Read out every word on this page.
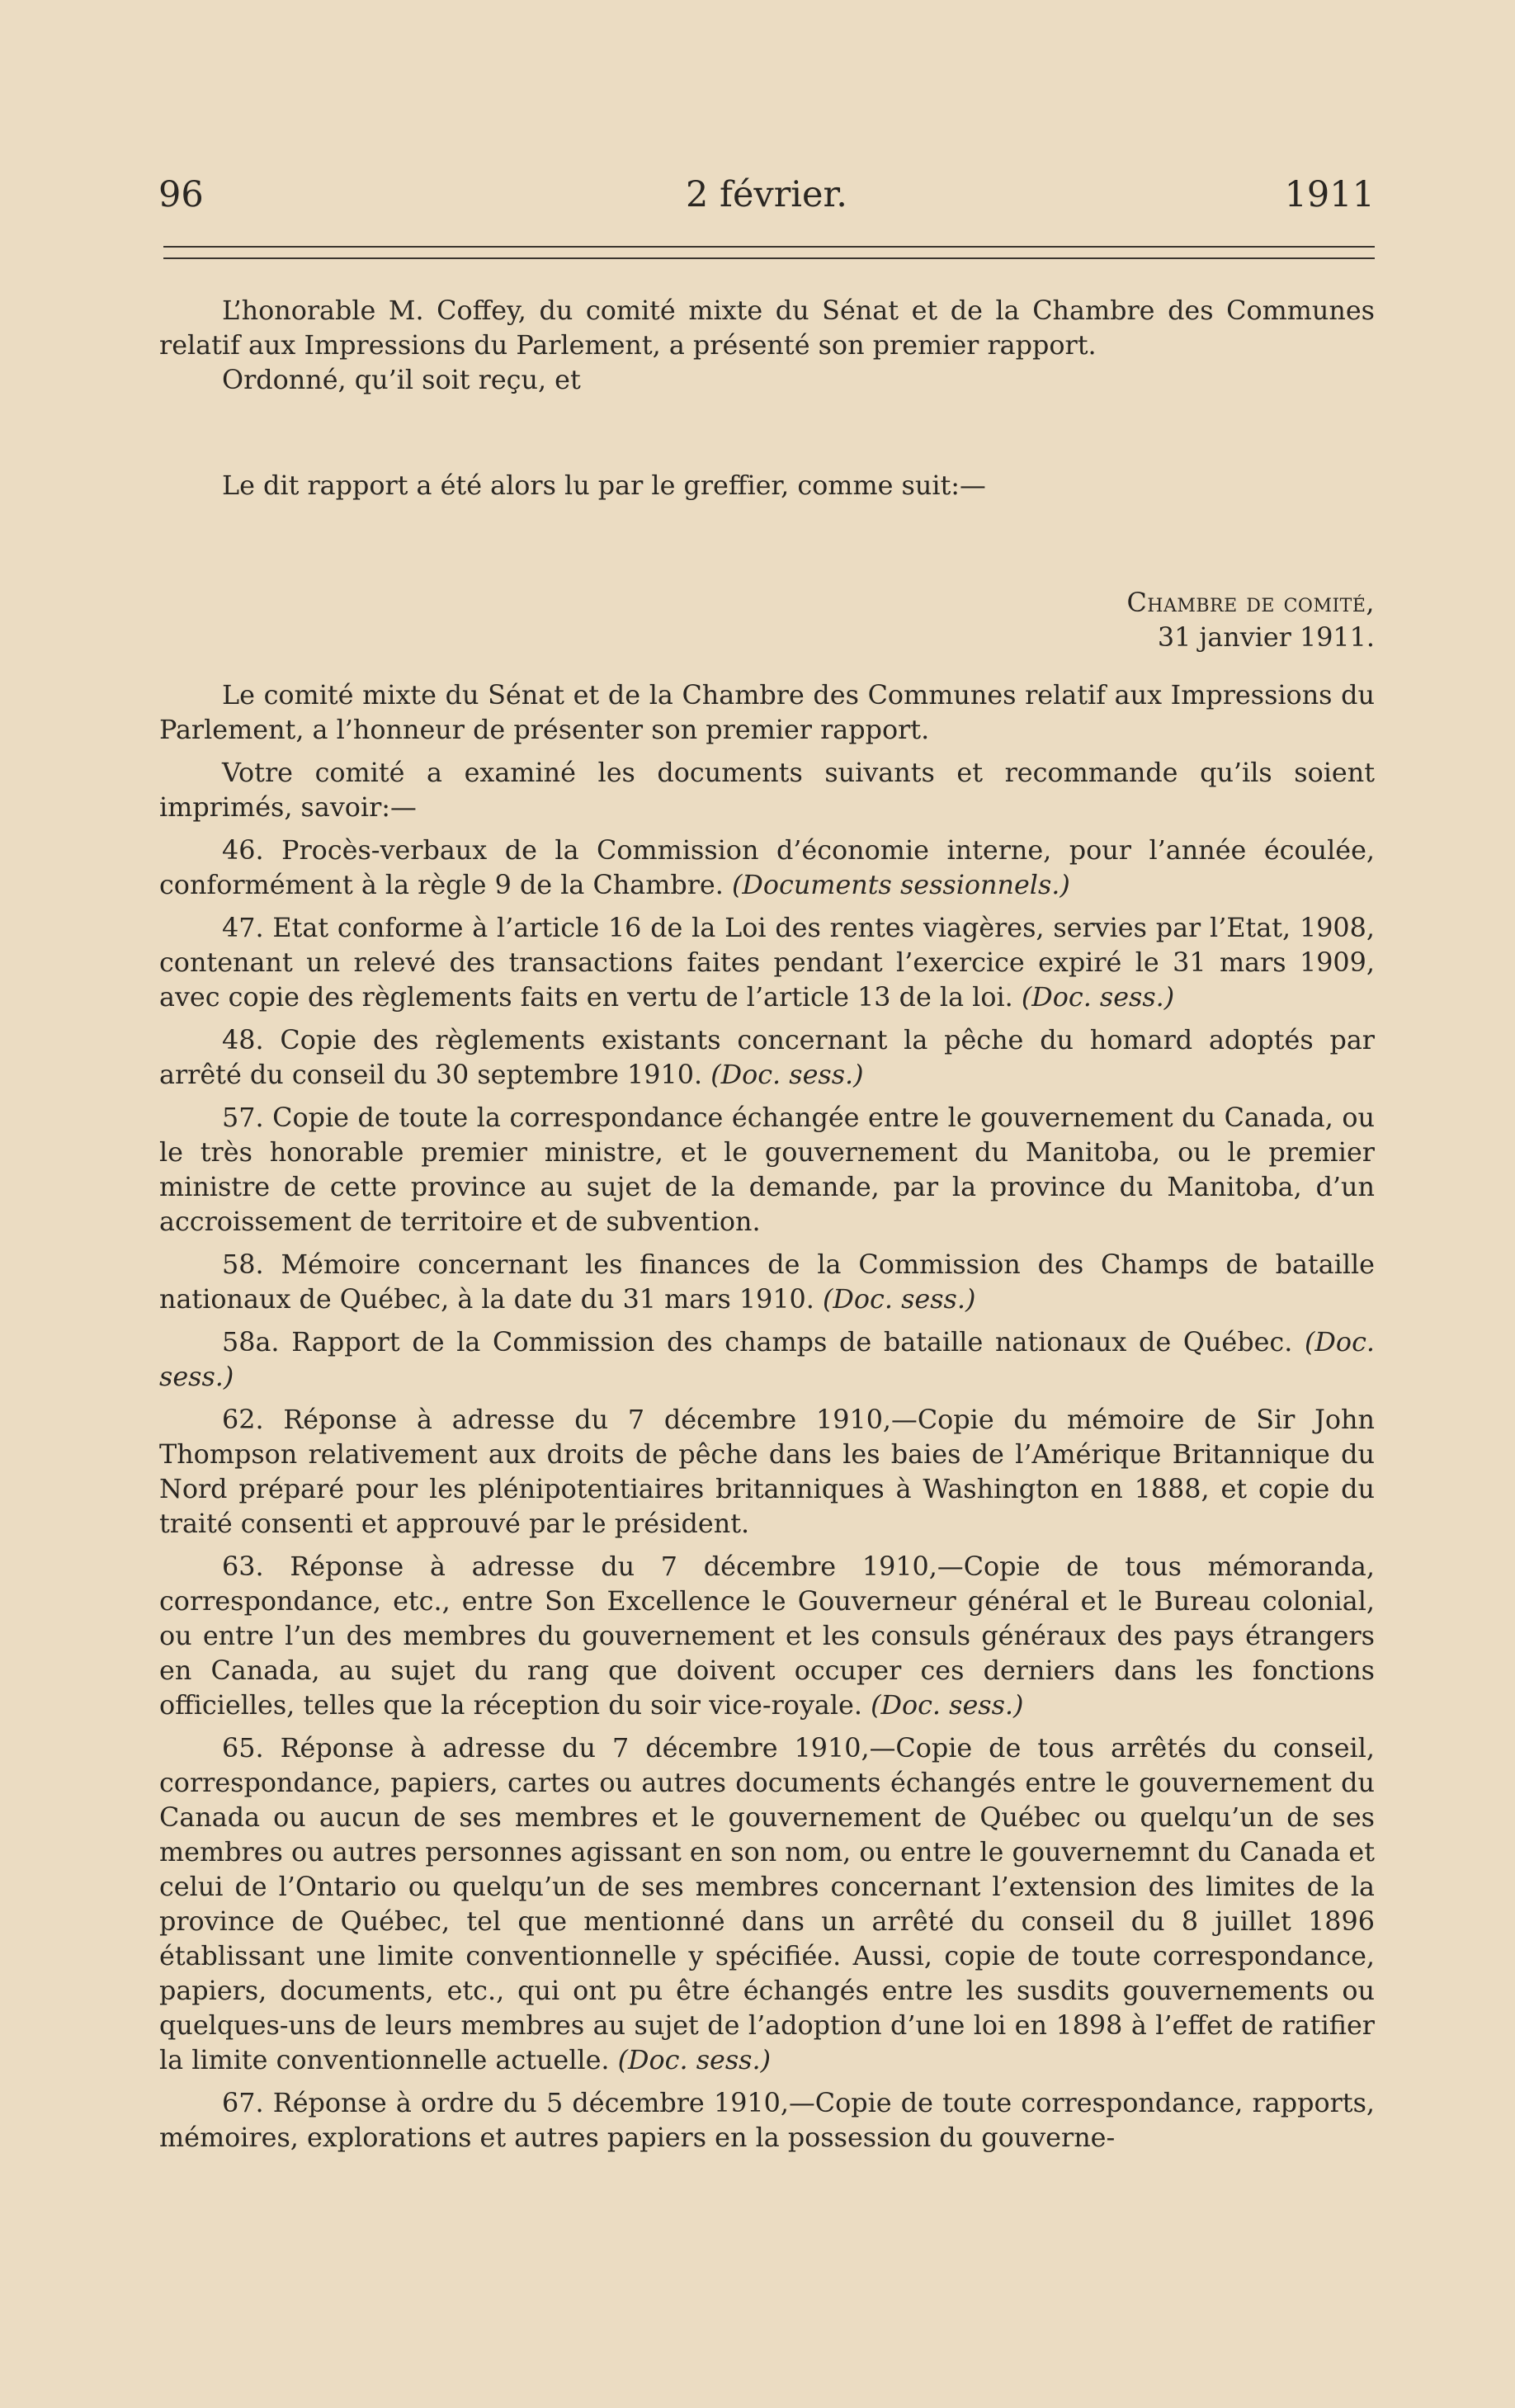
96	2 février.	1911

L’honorable M. Coffey, du comité mixte du Sénat et de la Chambre des Communes relatif aux Impressions du Parlement, a présenté son premier rapport.

Ordonné, qu’il soit reçu, et

Le dit rapport a été alors lu par le greffier, comme suit:—

Chambre de comité,
31 janvier 1911.

Le comité mixte du Sénat et de la Chambre des Communes relatif aux Impressions du Parlement, a l’honneur de présenter son premier rapport.

Votre comité a examiné les documents suivants et recommande qu’ils soient imprimés, savoir:—

46. Procès-verbaux de la Commission d’économie interne, pour l’année écoulée, conformément à la règle 9 de la Chambre. (Documents sessionnels.)

47. Etat conforme à l’article 16 de la Loi des rentes viagères, servies par l’Etat, 1908, contenant un relevé des transactions faites pendant l’exercice expiré le 31 mars 1909, avec copie des règlements faits en vertu de l’article 13 de la loi. (Doc. sess.)

48. Copie des règlements existants concernant la pêche du homard adoptés par arrêté du conseil du 30 septembre 1910. (Doc. sess.)

57. Copie de toute la correspondance échangée entre le gouvernement du Canada, ou le très honorable premier ministre, et le gouvernement du Manitoba, ou le premier ministre de cette province au sujet de la demande, par la province du Manitoba, d’un accroissement de territoire et de subvention.

58. Mémoire concernant les finances de la Commission des Champs de bataille nationaux de Québec, à la date du 31 mars 1910. (Doc. sess.)

58a. Rapport de la Commission des champs de bataille nationaux de Québec. (Doc. sess.)

62. Réponse à adresse du 7 décembre 1910,—Copie du mémoire de Sir John Thompson relativement aux droits de pêche dans les baies de l’Amérique Britannique du Nord préparé pour les plénipotentiaires britanniques à Washington en 1888, et copie du traité consenti et approuvé par le président.

63. Réponse à adresse du 7 décembre 1910,—Copie de tous mémoranda, correspondance, etc., entre Son Excellence le Gouverneur général et le Bureau colonial, ou entre l’un des membres du gouvernement et les consuls généraux des pays étrangers en Canada, au sujet du rang que doivent occuper ces derniers dans les fonctions officielles, telles que la réception du soir vice-royale. (Doc. sess.)

65. Réponse à adresse du 7 décembre 1910,—Copie de tous arrêtés du conseil, correspondance, papiers, cartes ou autres documents échangés entre le gouvernement du Canada ou aucun de ses membres et le gouvernement de Québec ou quelqu’un de ses membres ou autres personnes agissant en son nom, ou entre le gouvernemnt du Canada et celui de l’Ontario ou quelqu’un de ses membres concernant l’extension des limites de la province de Québec, tel que mentionné dans un arrêté du conseil du 8 juillet 1896 établissant une limite conventionnelle y spécifiée. Aussi, copie de toute correspondance, papiers, documents, etc., qui ont pu être échangés entre les susdits gouvernements ou quelques-uns de leurs membres au sujet de l’adoption d’une loi en 1898 à l’effet de ratifier la limite conventionnelle actuelle. (Doc. sess.)

67. Réponse à ordre du 5 décembre 1910,—Copie de toute correspondance, rapports, mémoires, explorations et autres papiers en la possession du gouverne-
